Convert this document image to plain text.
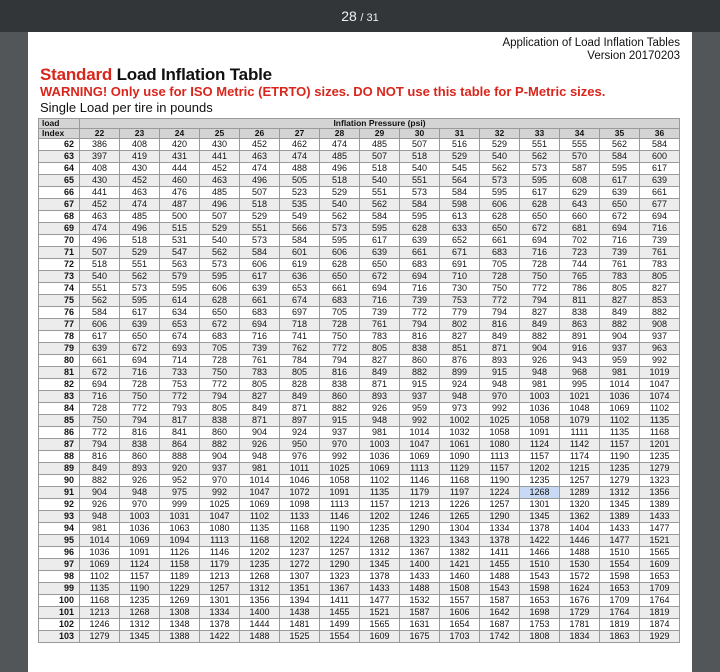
28 / 31
Application of Load Inflation Tables
Version 20170203
Standard Load Inflation Table
WARNING! Only use for ISO Metric (ETRTO) sizes. DO NOT use this table for P-Metric sizes.
Single Load per tire in pounds
load	Inflation Pressure (psi)														
Index	22	23	24	25	26	27	28	29	30	31	32	33	34	35	36
62	386	408	420	430	452	462	474	485	507	516	529	551	555	562	584
63	397	419	431	441	463	474	485	507	518	529	540	562	570	584	600
64	408	430	444	452	474	488	496	518	540	545	562	573	587	595	617
65	430	452	460	463	496	505	518	540	551	564	573	595	608	617	639
66	441	463	476	485	507	523	529	551	573	584	595	617	629	639	661
67	452	474	487	496	518	535	540	562	584	598	606	628	643	650	677
68	463	485	500	507	529	549	562	584	595	613	628	650	660	672	694
69	474	496	515	529	551	566	573	595	628	633	650	672	681	694	716
70	496	518	531	540	573	584	595	617	639	652	661	694	702	716	739
71	507	529	547	562	584	601	606	639	661	671	683	716	723	739	761
72	518	551	563	573	606	619	628	650	683	691	705	728	744	761	783
73	540	562	579	595	617	636	650	672	694	710	728	750	765	783	805
74	551	573	595	606	639	653	661	694	716	730	750	772	786	805	827
75	562	595	614	628	661	674	683	716	739	753	772	794	811	827	853
76	584	617	634	650	683	697	705	739	772	779	794	827	838	849	882
77	606	639	653	672	694	718	728	761	794	802	816	849	863	882	908
78	617	650	674	683	716	741	750	783	816	827	849	882	891	904	937
79	639	672	693	705	739	762	772	805	838	851	871	904	916	937	963
80	661	694	714	728	761	784	794	827	860	876	893	926	943	959	992
81	672	716	733	750	783	805	816	849	882	899	915	948	968	981	1019
82	694	728	753	772	805	828	838	871	915	924	948	981	995	1014	1047
83	716	750	772	794	827	849	860	893	937	948	970	1003	1021	1036	1074
84	728	772	793	805	849	871	882	926	959	973	992	1036	1048	1069	1102
85	750	794	817	838	871	897	915	948	992	1002	1025	1058	1079	1102	1135
86	772	816	841	860	904	924	937	981	1014	1032	1058	1091	1111	1135	1168
87	794	838	864	882	926	950	970	1003	1047	1061	1080	1124	1142	1157	1201
88	816	860	888	904	948	976	992	1036	1069	1090	1113	1157	1174	1190	1235
89	849	893	920	937	981	1011	1025	1069	1113	1129	1157	1202	1215	1235	1279
90	882	926	952	970	1014	1046	1058	1102	1146	1168	1190	1235	1257	1279	1323
91	904	948	975	992	1047	1072	1091	1135	1179	1197	1224	1268	1289	1312	1356
92	926	970	999	1025	1069	1098	1113	1157	1213	1226	1257	1301	1320	1345	1389
93	948	1003	1031	1047	1102	1133	1146	1202	1246	1265	1290	1345	1362	1389	1433
94	981	1036	1063	1080	1135	1168	1190	1235	1290	1304	1334	1378	1404	1433	1477
95	1014	1069	1094	1113	1168	1202	1224	1268	1323	1343	1378	1422	1446	1477	1521
96	1036	1091	1126	1146	1202	1237	1257	1312	1367	1382	1411	1466	1488	1510	1565
97	1069	1124	1158	1179	1235	1272	1290	1345	1400	1421	1455	1510	1530	1554	1609
98	1102	1157	1189	1213	1268	1307	1323	1378	1433	1460	1488	1543	1572	1598	1653
99	1135	1190	1229	1257	1312	1351	1367	1433	1488	1508	1543	1598	1624	1653	1709
100	1168	1235	1269	1301	1356	1394	1411	1477	1532	1557	1587	1653	1676	1709	1764
101	1213	1268	1308	1334	1400	1438	1455	1521	1587	1606	1642	1698	1729	1764	1819
102	1246	1312	1348	1378	1444	1481	1499	1565	1631	1654	1687	1753	1781	1819	1874
103	1279	1345	1388	1422	1488	1525	1554	1609	1675	1703	1742	1808	1834	1863	1929
